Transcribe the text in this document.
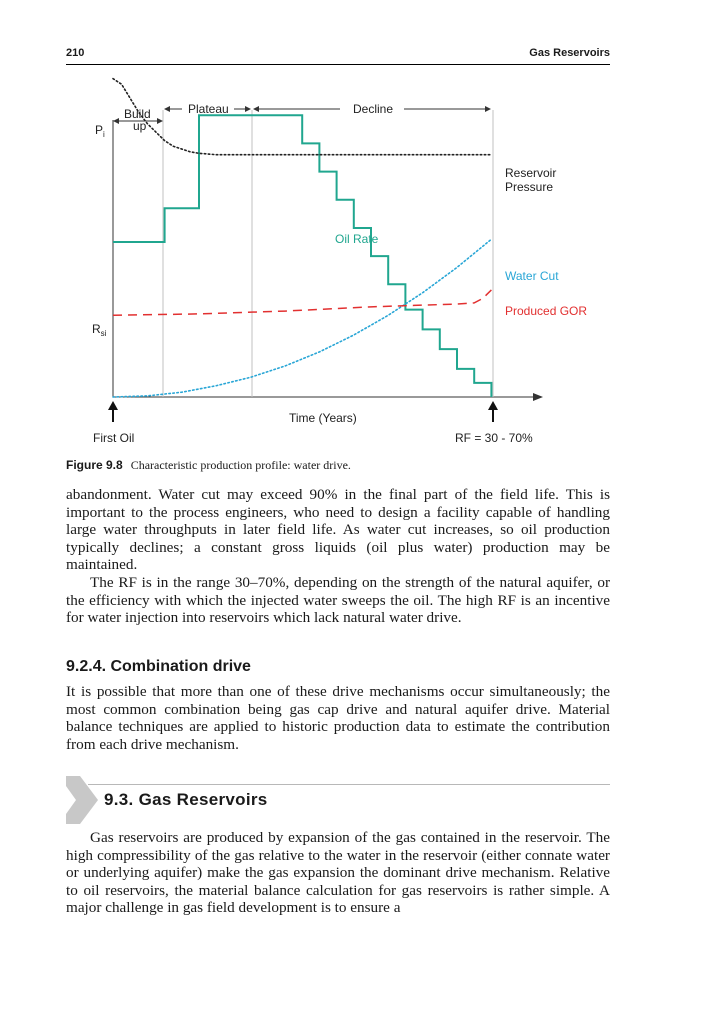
210	Gas Reservoirs
Build up
Plateau	Decline
$P_i$
$R_{si}$
Reservoir
Pressure
Oil Rate
Water Cut
Produced GOR
Time (Years)
First Oil	RF = 30 - 70%
Figure 9.8 Characteristic production profile: water drive.

abandonment. Water cut may exceed 90% in the final part of the field life. This is important to the process engineers, who need to design a facility capable of handling large water throughputs in later field life. As water cut increases, so oil production typically declines; a constant gross liquids (oil plus water) production may be maintained.

The RF is in the range 30–70%, depending on the strength of the natural aquifer, or the efficiency with which the injected water sweeps the oil. The high RF is an incentive for water injection into reservoirs which lack natural water drive.

9.2.4. Combination drive

It is possible that more than one of these drive mechanisms occur simultaneously; the most common combination being gas cap drive and natural aquifer drive. Material balance techniques are applied to historic production data to estimate the contribution from each drive mechanism.

9.3. Gas Reservoirs

Gas reservoirs are produced by expansion of the gas contained in the reservoir. The high compressibility of the gas relative to the water in the reservoir (either connate water or underlying aquifer) make the gas expansion the dominant drive mechanism. Relative to oil reservoirs, the material balance calculation for gas reservoirs is rather simple. A major challenge in gas field development is to ensure a
